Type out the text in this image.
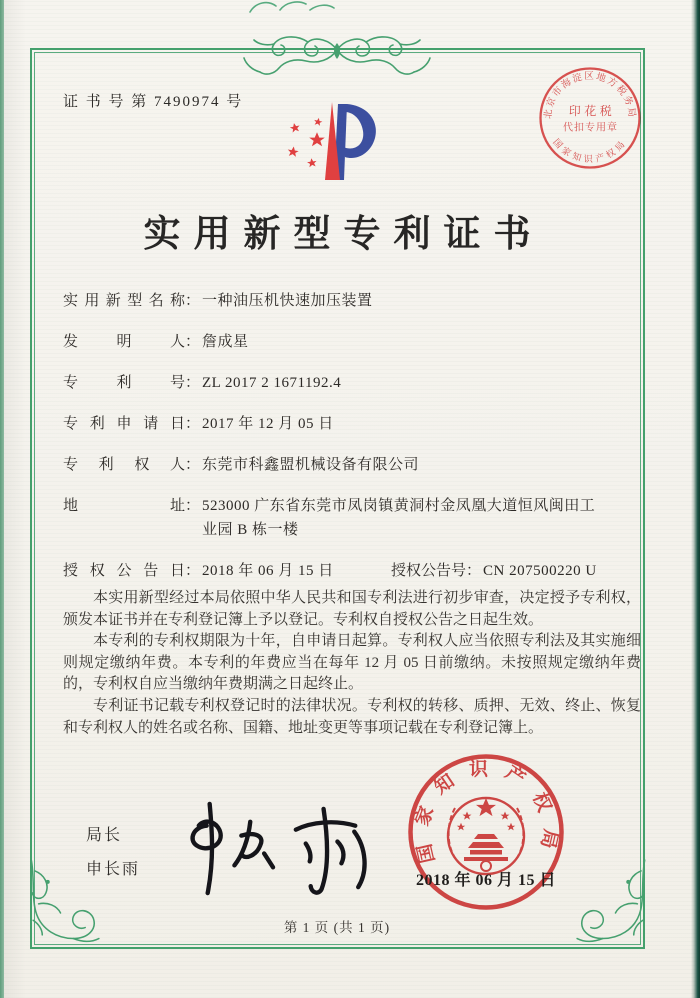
证 书 号 第 7490974 号
实用新型专利证书
实用新型名称 ： 一种油压机快速加压装置
发明人 ： 詹成星
专利号 ： ZL 2017 2 1671192.4
专利申请日 ： 2017 年 12 月 05 日
专利权人 ： 东莞市科鑫盟机械设备有限公司
地址 ： 523000 广东省东莞市凤岗镇黄洞村金凤凰大道恒风闽田工业园 B 栋一楼
授权公告日 ： 2018 年 06 月 15 日	授权公告号 ： CN 207500220 U

本实用新型经过本局依照中华人民共和国专利法进行初步审查，决定授予专利权，颁发本证书并在专利登记簿上予以登记。专利权自授权公告之日起生效。

本专利的专利权期限为十年，自申请日起算。专利权人应当依照专利法及其实施细则规定缴纳年费。本专利的年费应当在每年 12 月 05 日前缴纳。未按照规定缴纳年费的，专利权自应当缴纳年费期满之日起终止。

专利证书记载专利权登记时的法律状况。专利权的转移、质押、无效、终止、恢复和专利权人的姓名或名称、国籍、地址变更等事项记载在专利登记簿上。

局长
申长雨
国家知识产权局
2018 年 06 月 15 日
北京市海淀区地方税务局
国家知识产权局
印花税
代扣专用章
第 1 页 (共 1 页)
